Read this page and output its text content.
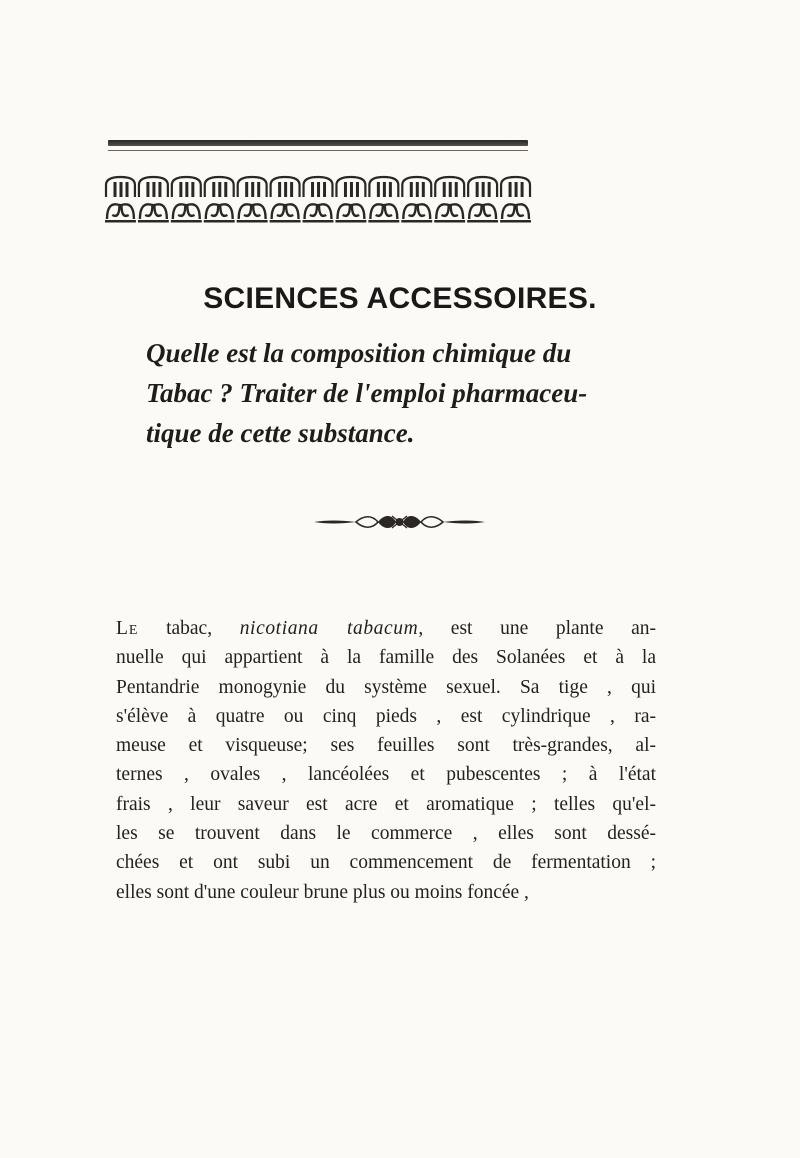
SCIENCES ACCESSOIRES.

Quelle est la composition chimique du
Tabac ? Traiter de l'emploi pharmaceu-
tique de cette substance.

Le tabac, nicotiana tabacum, est une plante an-
nuelle qui appartient à la famille des Solanées et à la
Pentandrie monogynie du système sexuel. Sa tige , qui
s'élève à quatre ou cinq pieds , est cylindrique , ra-
meuse et visqueuse; ses feuilles sont très-grandes, al-
ternes , ovales , lancéolées et pubescentes ; à l'état
frais , leur saveur est acre et aromatique ; telles qu'el-
les se trouvent dans le commerce , elles sont dessé-
chées et ont subi un commencement de fermentation ;
elles sont d'une couleur brune plus ou moins foncée ,
